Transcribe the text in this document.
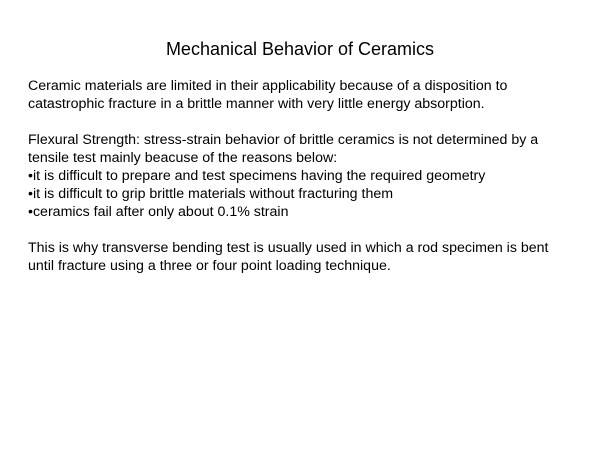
Mechanical Behavior of Ceramics
Ceramic materials are limited in their applicability because of a disposition to
catastrophic fracture in a brittle manner with very little energy absorption.
Flexural Strength: stress-strain behavior of brittle ceramics is not determined by a
tensile test mainly beacuse of the reasons below:
•it is difficult to prepare and test specimens having the required geometry
•it is difficult to grip brittle materials without fracturing them
•ceramics fail after only about 0.1% strain
This is why transverse bending test is usually used in which a rod specimen is bent
until fracture using a three or four point loading technique.
